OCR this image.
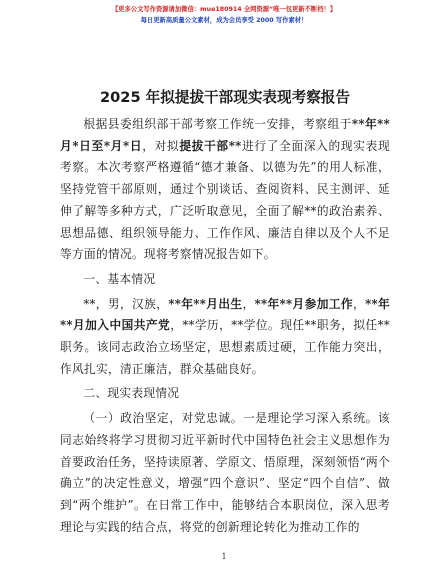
【更多公文写作资源请加微信：mue180914 全网资源“唯一包更新不断档！】
每日更新高质量公文素材，成为会员享受 2000 写作素材！
2025 年拟提拔干部现实表现考察报告

根据县委组织部干部考察工作统一安排，考察组于**年**月*日至*月*日，对拟提拔干部**进行了全面深入的现实表现考察。本次考察严格遵循“德才兼备、以德为先”的用人标准，坚持党管干部原则，通过个别谈话、查阅资料、民主测评、延伸了解等多种方式，广泛听取意见，全面了解**的政治素养、思想品德、组织领导能力、工作作风、廉洁自律以及个人不足等方面的情况。现将考察情况报告如下。

一、基本情况

**，男，汉族，**年**月出生，**年**月参加工作，**年**月加入中国共产党，**学历，**学位。现任**职务，拟任**职务。该同志政治立场坚定，思想素质过硬，工作能力突出，作风扎实，清正廉洁，群众基础良好。

二、现实表现情况

（一）政治坚定，对党忠诚。一是理论学习深入系统。该同志始终将学习贯彻习近平新时代中国特色社会主义思想作为首要政治任务，坚持读原著、学原文、悟原理，深刻领悟“两个确立”的决定性意义，增强“四个意识”、坚定“四个自信”、做到“两个维护”。在日常工作中，能够结合本职岗位，深入思考理论与实践的结合点，将党的创新理论转化为推动工作的

1
